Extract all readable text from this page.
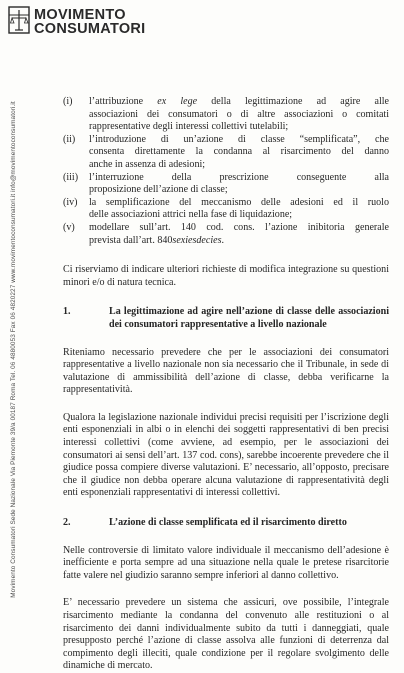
MOVIMENTO
CONSUMATORI
Movimento Consumatori Sede Nazionale Via Piemonte 39/a 00187 Roma Tel. 06 4880053 Fax 06 4820227 www.movimentoconsumatori.it info@movimentoconsumatori.it	(i)	l’attribuzione ex lege della legittimazione ad agire alle
associazioni dei consumatori o di altre associazioni o comitati
rappresentative degli interessi collettivi tutelabili;
(ii)	l’introduzione di un’azione di classe “semplificata”, che
consenta direttamente la condanna al risarcimento del danno
anche in assenza di adesioni;
(iii)	l’interruzione della prescrizione conseguente alla
proposizione dell’azione di classe;
(iv)	la semplificazione del meccanismo delle adesioni ed il ruolo
delle associazioni attrici nella fase di liquidazione;
(v)	modellare sull’art. 140 cod. cons. l’azione inibitoria generale
prevista dall’art. 840sexiesdecies.

Ci riserviamo di indicare ulteriori richieste di modifica integrazione su questioni minori e/o di natura tecnica.

1.	La legittimazione ad agire nell’azione di classe delle associazioni dei consumatori rappresentative a livello nazionale

Riteniamo necessario prevedere che per le associazioni dei consumatori rappresentative a livello nazionale non sia necessario che il Tribunale, in sede di valutazione di ammissibilità dell’azione di classe, debba verificarne la rappresentatività.

Qualora la legislazione nazionale individui precisi requisiti per l’iscrizione degli enti esponenziali in albi o in elenchi dei soggetti rappresentativi di ben precisi interessi collettivi (come avviene, ad esempio, per le associazioni dei consumatori ai sensi dell’art. 137 cod. cons), sarebbe incoerente prevedere che il giudice possa compiere diverse valutazioni. E’ necessario, all’opposto, precisare che il giudice non debba operare alcuna valutazione di rappresentatività degli enti esponenziali rappresentativi di interessi collettivi.

2.	L’azione di classe semplificata ed il risarcimento diretto

Nelle controversie di limitato valore individuale il meccanismo dell’adesione è inefficiente e porta sempre ad una situazione nella quale le pretese risarcitorie fatte valere nel giudizio saranno sempre inferiori al danno collettivo.

E’ necessario prevedere un sistema che assicuri, ove possibile, l’integrale risarcimento mediante la condanna del convenuto alle restituzioni o al risarcimento dei danni individualmente subito da tutti i danneggiati, quale presupposto perché l’azione di classe assolva alle funzioni di deterrenza dal compimento degli illeciti, quale condizione per il regolare svolgimento delle dinamiche di mercato.
